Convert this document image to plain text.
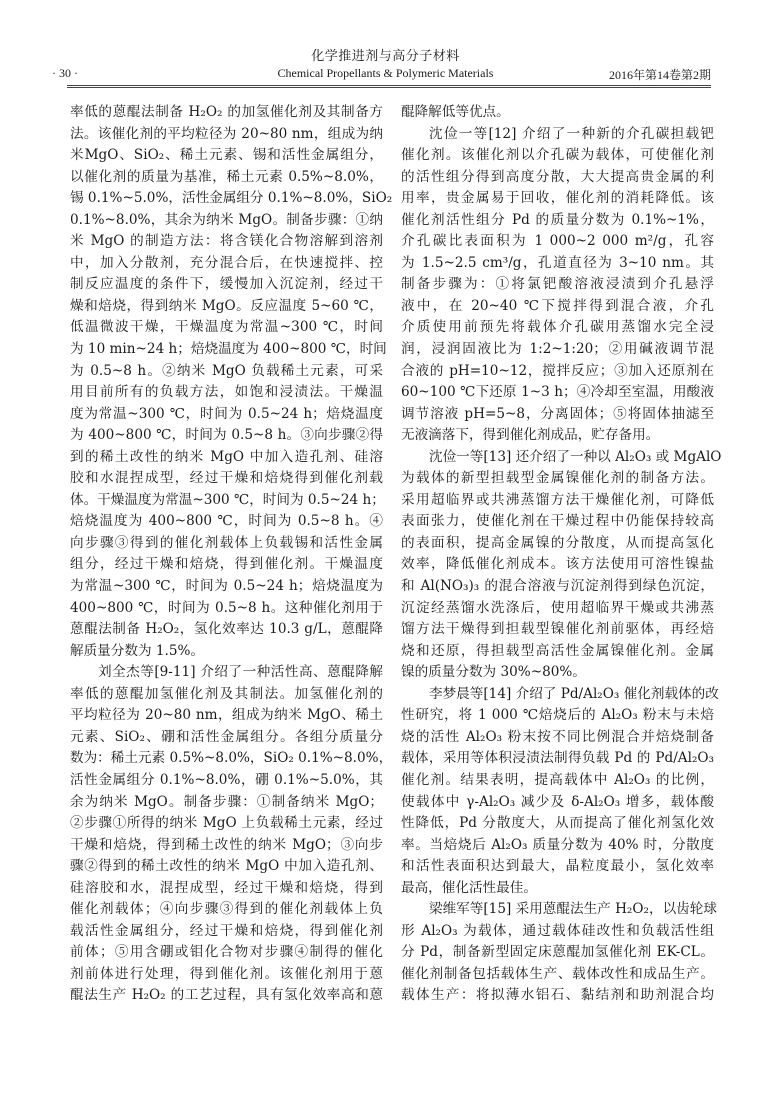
化学推进剂与高分子材料
· 30 ·	Chemical Propellants & Polymeric Materials	2016年第14卷第2期
率低的蒽醌法制备 H₂O₂ 的加氢催化剂及其制备方
法。该催化剂的平均粒径为 20~80 nm，组成为纳
米MgO、SiO₂、稀土元素、锡和活性金属组分，
以催化剂的质量为基准，稀土元素 0.5%~8.0%，
锡 0.1%~5.0%，活性金属组分 0.1%~8.0%，SiO₂
0.1%~8.0%，其余为纳米 MgO。制备步骤：①纳
米 MgO 的制造方法：将含镁化合物溶解到溶剂
中，加入分散剂，充分混合后，在快速搅拌、控
制反应温度的条件下，缓慢加入沉淀剂，经过干
燥和焙烧，得到纳米 MgO。反应温度 5~60 ℃，
低温微波干燥，干燥温度为常温~300 ℃，时间
为 10 min~24 h；焙烧温度为 400~800 ℃，时间
为 0.5~8 h。②纳米 MgO 负载稀土元素，可采
用目前所有的负载方法，如饱和浸渍法。干燥温
度为常温~300 ℃，时间为 0.5~24 h；焙烧温度
为 400~800 ℃，时间为 0.5~8 h。③向步骤②得
到的稀土改性的纳米 MgO 中加入造孔剂、硅溶
胶和水混捏成型，经过干燥和焙烧得到催化剂载
体。干燥温度为常温~300 ℃，时间为 0.5~24 h；
焙烧温度为 400~800 ℃，时间为 0.5~8 h。④
向步骤③得到的催化剂载体上负载锡和活性金属
组分，经过干燥和焙烧，得到催化剂。干燥温度
为常温~300 ℃，时间为 0.5~24 h；焙烧温度为
400~800 ℃，时间为 0.5~8 h。这种催化剂用于
蒽醌法制备 H₂O₂，氢化效率达 10.3 g/L，蒽醌降
解质量分数为 1.5%。
刘全杰等[9-11] 介绍了一种活性高、蒽醌降解
率低的蒽醌加氢催化剂及其制法。加氢催化剂的
平均粒径为 20~80 nm，组成为纳米 MgO、稀土
元素、SiO₂、硼和活性金属组分。各组分质量分
数为：稀土元素 0.5%~8.0%，SiO₂ 0.1%~8.0%，
活性金属组分 0.1%~8.0%，硼 0.1%~5.0%，其
余为纳米 MgO。制备步骤：①制备纳米 MgO；
②步骤①所得的纳米 MgO 上负载稀土元素，经过
干燥和焙烧，得到稀土改性的纳米 MgO；③向步
骤②得到的稀土改性的纳米 MgO 中加入造孔剂、
硅溶胶和水，混捏成型，经过干燥和焙烧，得到
催化剂载体；④向步骤③得到的催化剂载体上负
载活性金属组分，经过干燥和焙烧，得到催化剂
前体；⑤用含硼或钼化合物对步骤④制得的催化
剂前体进行处理，得到催化剂。该催化剂用于蒽
醌法生产 H₂O₂ 的工艺过程，具有氢化效率高和蒽
醌降解低等优点。
沈俭一等[12] 介绍了一种新的介孔碳担载钯
催化剂。该催化剂以介孔碳为载体，可使催化剂
的活性组分得到高度分散，大大提高贵金属的利
用率，贵金属易于回收，催化剂的消耗降低。该
催化剂活性组分 Pd 的质量分数为 0.1%~1%，
介孔碳比表面积为 1 000~2 000 m²/g，孔容
为 1.5~2.5 cm³/g，孔道直径为 3~10 nm。其
制备步骤为：①将氯钯酸溶液浸渍到介孔悬浮
液中，在 20~40 ℃下搅拌得到混合液，介孔
介质使用前预先将载体介孔碳用蒸馏水完全浸
润，浸润固液比为 1:2~1:20；②用碱液调节混
合液的 pH=10~12，搅拌反应；③加入还原剂在
60~100 ℃下还原 1~3 h；④冷却至室温，用酸液
调节溶液 pH=5~8，分离固体；⑤将固体抽滤至
无液滴落下，得到催化剂成品，贮存备用。
沈俭一等[13] 还介绍了一种以 Al₂O₃ 或 MgAlO
为载体的新型担载型金属镍催化剂的制备方法。
采用超临界或共沸蒸馏方法干燥催化剂，可降低
表面张力，使催化剂在干燥过程中仍能保持较高
的表面积，提高金属镍的分散度，从而提高氢化
效率，降低催化剂成本。该方法使用可溶性镍盐
和 Al(NO₃)₃ 的混合溶液与沉淀剂得到绿色沉淀，
沉淀经蒸馏水洗涤后，使用超临界干燥或共沸蒸
馏方法干燥得到担载型镍催化剂前驱体，再经焙
烧和还原，得担载型高活性金属镍催化剂。金属
镍的质量分数为 30%~80%。
李梦晨等[14] 介绍了 Pd/Al₂O₃ 催化剂载体的改
性研究，将 1 000 ℃焙烧后的 Al₂O₃ 粉末与未焙
烧的活性 Al₂O₃ 粉末按不同比例混合并焙烧制备
载体，采用等体积浸渍法制得负载 Pd 的 Pd/Al₂O₃
催化剂。结果表明，提高载体中 Al₂O₃ 的比例，
使载体中 γ-Al₂O₃ 减少及 δ-Al₂O₃ 增多，载体酸
性降低，Pd 分散度大，从而提高了催化剂氢化效
率。当焙烧后 Al₂O₃ 质量分数为 40% 时，分散度
和活性表面积达到最大，晶粒度最小，氢化效率
最高，催化活性最佳。
梁维军等[15] 采用蒽醌法生产 H₂O₂，以齿轮球
形 Al₂O₃ 为载体，通过载体硅改性和负载活性组
分 Pd，制备新型固定床蒽醌加氢催化剂 EK-CL。
催化剂制备包括载体生产、载体改性和成品生产。
载体生产：将拟薄水铝石、黏结剂和助剂混合均
